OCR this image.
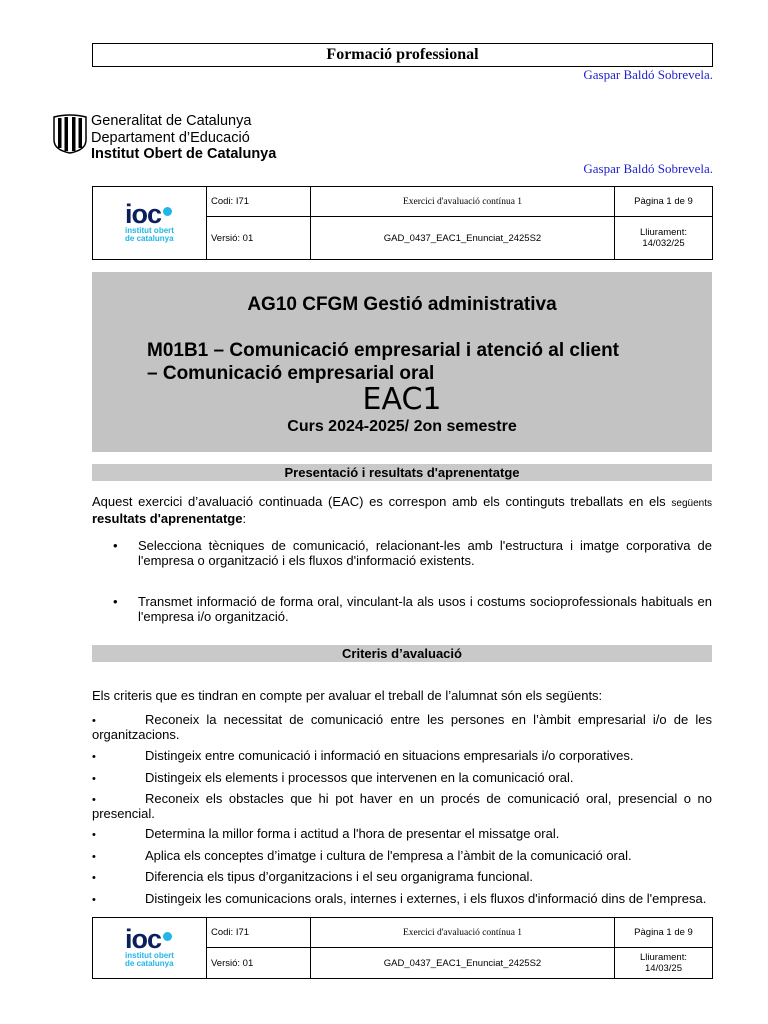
Formació professional
Gaspar Baldó Sobrevela.
Generalitat de Catalunya
Departament d’Educació
Institut Obert de Catalunya
Gaspar Baldó Sobrevela.
ioc
institut obert
de catalunya	Codi: I71	Exercici d'avaluació contínua 1	Pàgina 1 de 9
	Versió: 01	GAD_0437_EAC1_Enunciat_2425S2	Lliurament:
14/032/25
AG10 CFGM Gestió administrativa
M01B1 – Comunicació empresarial i atenció al client
– Comunicació empresarial oral
EAC1
Curs 2024-2025/ 2on semestre
Presentació i resultats d'aprenentatge
Aquest exercici d’avaluació continuada (EAC) es correspon amb els continguts treballats en els següents resultats d'aprenentatge:
• Selecciona tècniques de comunicació, relacionant-les amb l'estructura i imatge corporativa de l'empresa o organització i els fluxos d'informació existents.
• Transmet informació de forma oral, vinculant-la als usos i costums socioprofessionals habituals en l'empresa i/o organització.
Criteris d’avaluació
Els criteris que es tindran en compte per avaluar el treball de l’alumnat són els següents:
•	Reconeix la necessitat de comunicació entre les persones en l’àmbit empresarial i/o de les organitzacions.
•	Distingeix entre comunicació i informació en situacions empresarials i/o corporatives.
•	Distingeix els elements i processos que intervenen en la comunicació oral.
•	Reconeix els obstacles que hi pot haver en un procés de comunicació oral, presencial o no presencial.
•	Determina la millor forma i actitud a l'hora de presentar el missatge oral.
•	Aplica els conceptes d’imatge i cultura de l'empresa a l’àmbit de la comunicació oral.
•	Diferencia els tipus d’organitzacions i el seu organigrama funcional.
•	Distingeix les comunicacions orals, internes i externes, i els fluxos d'informació dins de l'empresa.
ioc
institut obert
de catalunya	Codi: I71	Exercici d'avaluació contínua 1	Pàgina 1 de 9
	Versió: 01	GAD_0437_EAC1_Enunciat_2425S2	Lliurament:
14/03/25
